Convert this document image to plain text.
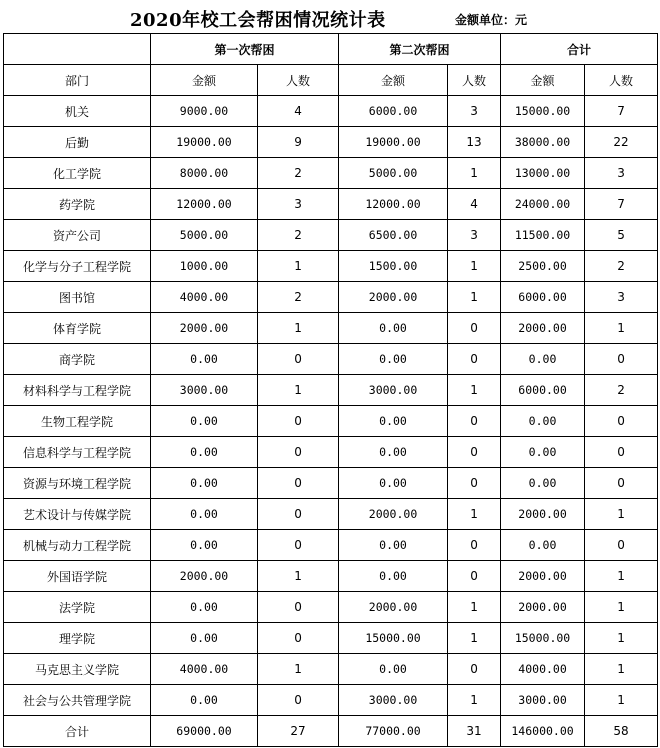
2020年校工会帮困情况统计表	金额单位：元
	第一次帮困		第二次帮困		合计	
部门	金额	人数	金额	人数	金额	人数
机关	9000.00	4	6000.00	3	15000.00	7
后勤	19000.00	9	19000.00	13	38000.00	22
化工学院	8000.00	2	5000.00	1	13000.00	3
药学院	12000.00	3	12000.00	4	24000.00	7
资产公司	5000.00	2	6500.00	3	11500.00	5
化学与分子工程学院	1000.00	1	1500.00	1	2500.00	2
图书馆	4000.00	2	2000.00	1	6000.00	3
体育学院	2000.00	1	0.00	0	2000.00	1
商学院	0.00	0	0.00	0	0.00	0
材料科学与工程学院	3000.00	1	3000.00	1	6000.00	2
生物工程学院	0.00	0	0.00	0	0.00	0
信息科学与工程学院	0.00	0	0.00	0	0.00	0
资源与环境工程学院	0.00	0	0.00	0	0.00	0
艺术设计与传媒学院	0.00	0	2000.00	1	2000.00	1
机械与动力工程学院	0.00	0	0.00	0	0.00	0
外国语学院	2000.00	1	0.00	0	2000.00	1
法学院	0.00	0	2000.00	1	2000.00	1
理学院	0.00	0	15000.00	1	15000.00	1
马克思主义学院	4000.00	1	0.00	0	4000.00	1
社会与公共管理学院	0.00	0	3000.00	1	3000.00	1
合计	69000.00	27	77000.00	31	146000.00	58
